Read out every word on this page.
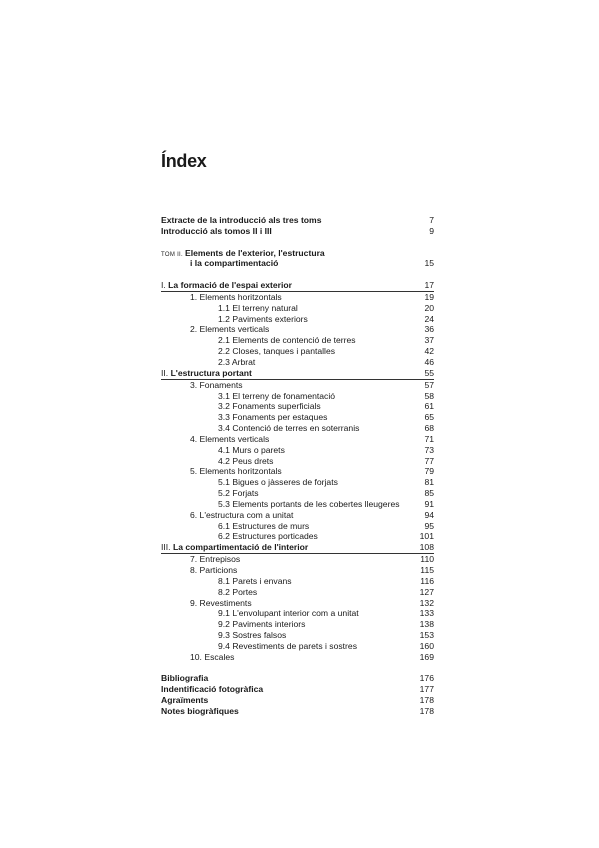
Índex
Extracte de la introducció als tres toms	7
Introducció als tomos II i III	9
TOM II. Elements de l'exterior, l'estructura
i la compartimentació	15
I. La formació de l'espai exterior	17
1. Elements horitzontals	19
1.1 El terreny natural	20
1.2 Paviments exteriors	24
2. Elements verticals	36
2.1 Elements de contenció de terres	37
2.2 Closes, tanques i pantalles	42
2.3 Arbrat	46
II. L'estructura portant	55
3. Fonaments	57
3.1 El terreny de fonamentació	58
3.2 Fonaments superficials	61
3.3 Fonaments per estaques	65
3.4 Contenció de terres en soterranis	68
4. Elements verticals	71
4.1 Murs o parets	73
4.2 Peus drets	77
5. Elements horitzontals	79
5.1 Bigues o jàsseres de forjats	81
5.2 Forjats	85
5.3 Elements portants de les cobertes lleugeres	91
6. L'estructura com a unitat	94
6.1 Estructures de murs	95
6.2 Estructures porticades	101
III. La compartimentació de l'interior	108
7. Entrepisos	110
8. Particions	115
8.1 Parets i envans	116
8.2 Portes	127
9. Revestiments	132
9.1 L'envolupant interior com a unitat	133
9.2 Paviments interiors	138
9.3 Sostres falsos	153
9.4 Revestiments de parets i sostres	160
10. Escales	169
Bibliografia	176
Indentificació fotogràfica	177
Agraïments	178
Notes biogràfiques	178
